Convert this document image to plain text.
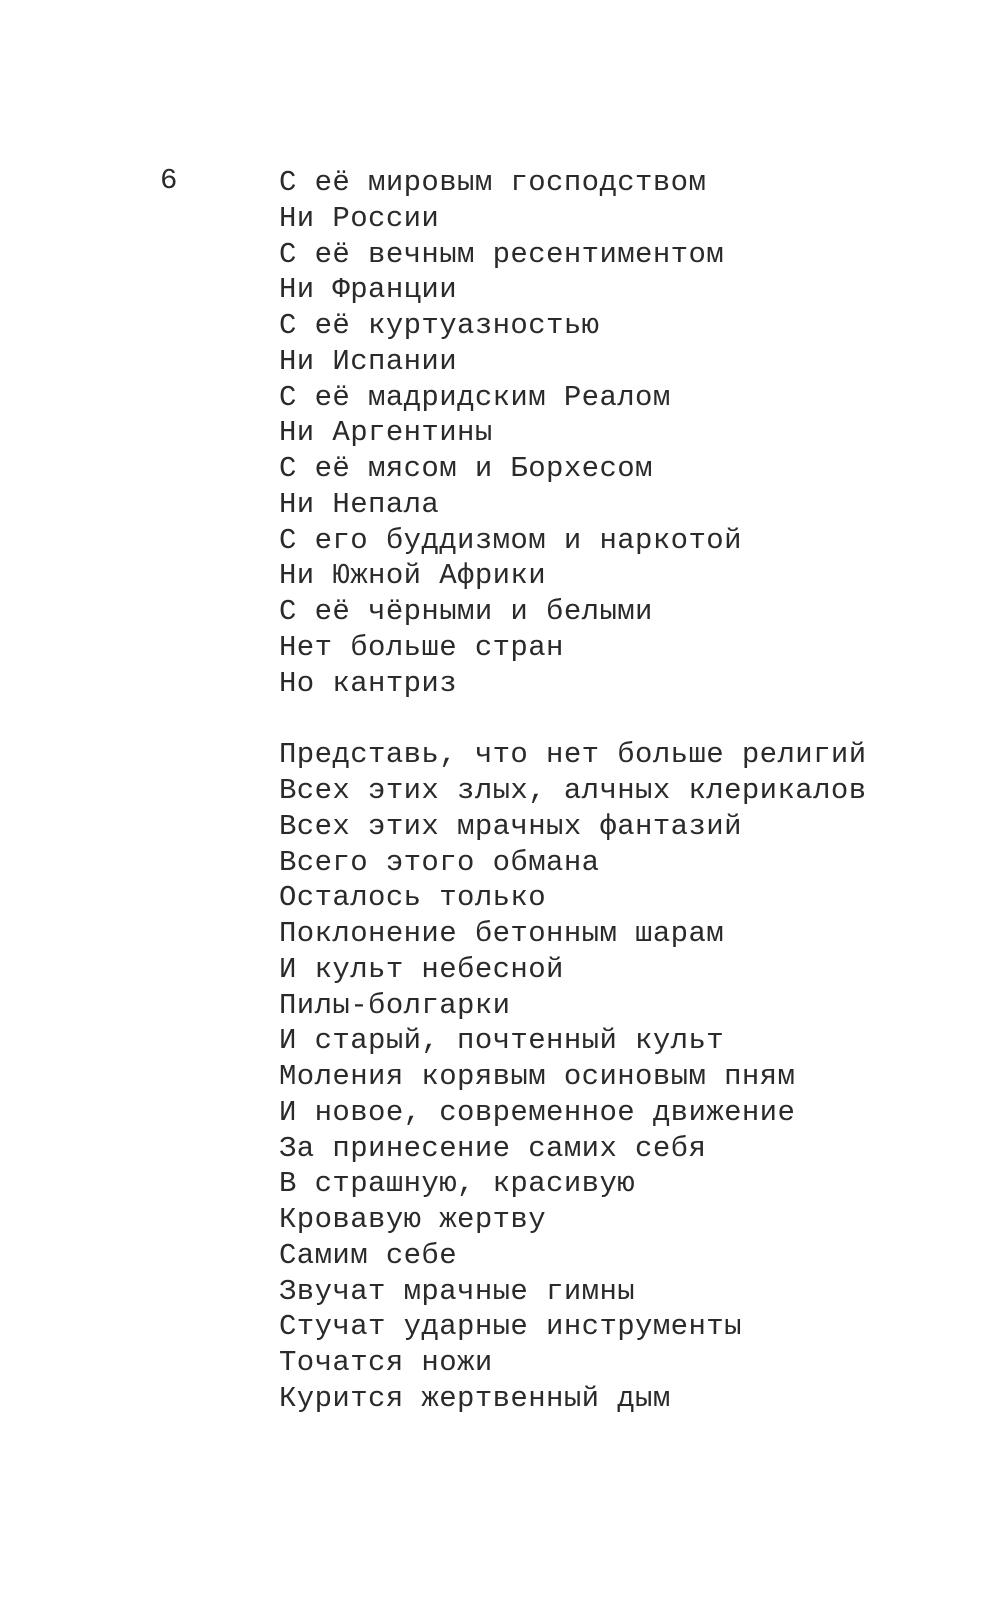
6	С её мировым господством
Ни России
С её вечным ресентиментом
Ни Франции
С её куртуазностью
Ни Испании
С её мадридским Реалом
Ни Аргентины
С её мясом и Борхесом
Ни Непала
С его буддизмом и наркотой
Ни Южной Африки
С её чёрными и белыми
Нет больше стран
Но кантриз
Представь, что нет больше религий
Всех этих злых, алчных клерикалов
Всех этих мрачных фантазий
Всего этого обмана
Осталось только
Поклонение бетонным шарам
И культ небесной
Пилы-болгарки
И старый, почтенный культ
Моления корявым осиновым пням
И новое, современное движение
За принесение самих себя
В страшную, красивую
Кровавую жертву
Самим себе
Звучат мрачные гимны
Стучат ударные инструменты
Точатся ножи
Курится жертвенный дым
